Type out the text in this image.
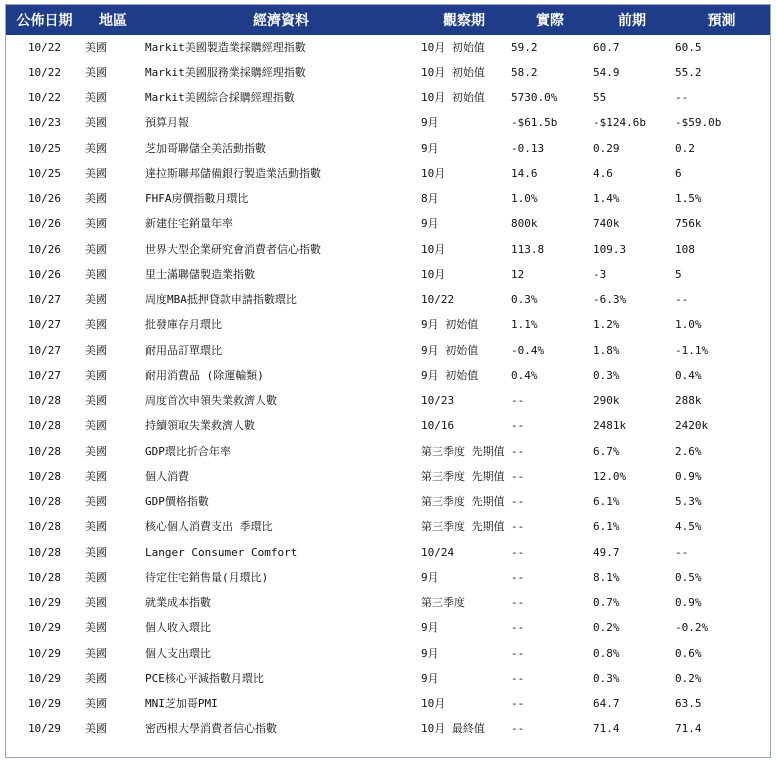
公佈日期	地區	經濟資料	觀察期	實際	前期	預測
10/22	美國	Markit美國製造業採購經理指數	10月 初始值	59.2	60.7	60.5
10/22	美國	Markit美國服務業採購經理指數	10月 初始值	58.2	54.9	55.2
10/22	美國	Markit美國綜合採購經理指數	10月 初始值	5730.0%	55	--
10/23	美國	預算月報	9月	-$61.5b	-$124.6b	-$59.0b
10/25	美國	芝加哥聯儲全美活動指數	9月	-0.13	0.29	0.2
10/25	美國	達拉斯聯邦儲備銀行製造業活動指數	10月	14.6	4.6	6
10/26	美國	FHFA房價指數月環比	8月	1.0%	1.4%	1.5%
10/26	美國	新建住宅銷量年率	9月	800k	740k	756k
10/26	美國	世界大型企業研究會消費者信心指數	10月	113.8	109.3	108
10/26	美國	里士滿聯儲製造業指數	10月	12	-3	5
10/27	美國	周度MBA抵押貸款申請指數環比	10/22	0.3%	-6.3%	--
10/27	美國	批發庫存月環比	9月 初始值	1.1%	1.2%	1.0%
10/27	美國	耐用品訂單環比	9月 初始值	-0.4%	1.8%	-1.1%
10/27	美國	耐用消費品 (除運輸類)	9月 初始值	0.4%	0.3%	0.4%
10/28	美國	周度首次申領失業救濟人數	10/23	--	290k	288k
10/28	美國	持續領取失業救濟人數	10/16	--	2481k	2420k
10/28	美國	GDP環比折合年率	第三季度 先期值	--	6.7%	2.6%
10/28	美國	個人消費	第三季度 先期值	--	12.0%	0.9%
10/28	美國	GDP價格指數	第三季度 先期值	--	6.1%	5.3%
10/28	美國	核心個人消費支出 季環比	第三季度 先期值	--	6.1%	4.5%
10/28	美國	Langer Consumer Comfort	10/24	--	49.7	--
10/28	美國	待定住宅銷售量(月環比)	9月	--	8.1%	0.5%
10/29	美國	就業成本指數	第三季度	--	0.7%	0.9%
10/29	美國	個人收入環比	9月	--	0.2%	-0.2%
10/29	美國	個人支出環比	9月	--	0.8%	0.6%
10/29	美國	PCE核心平減指數月環比	9月	--	0.3%	0.2%
10/29	美國	MNI芝加哥PMI	10月	--	64.7	63.5
10/29	美國	密西根大學消費者信心指數	10月 最終值	--	71.4	71.4
